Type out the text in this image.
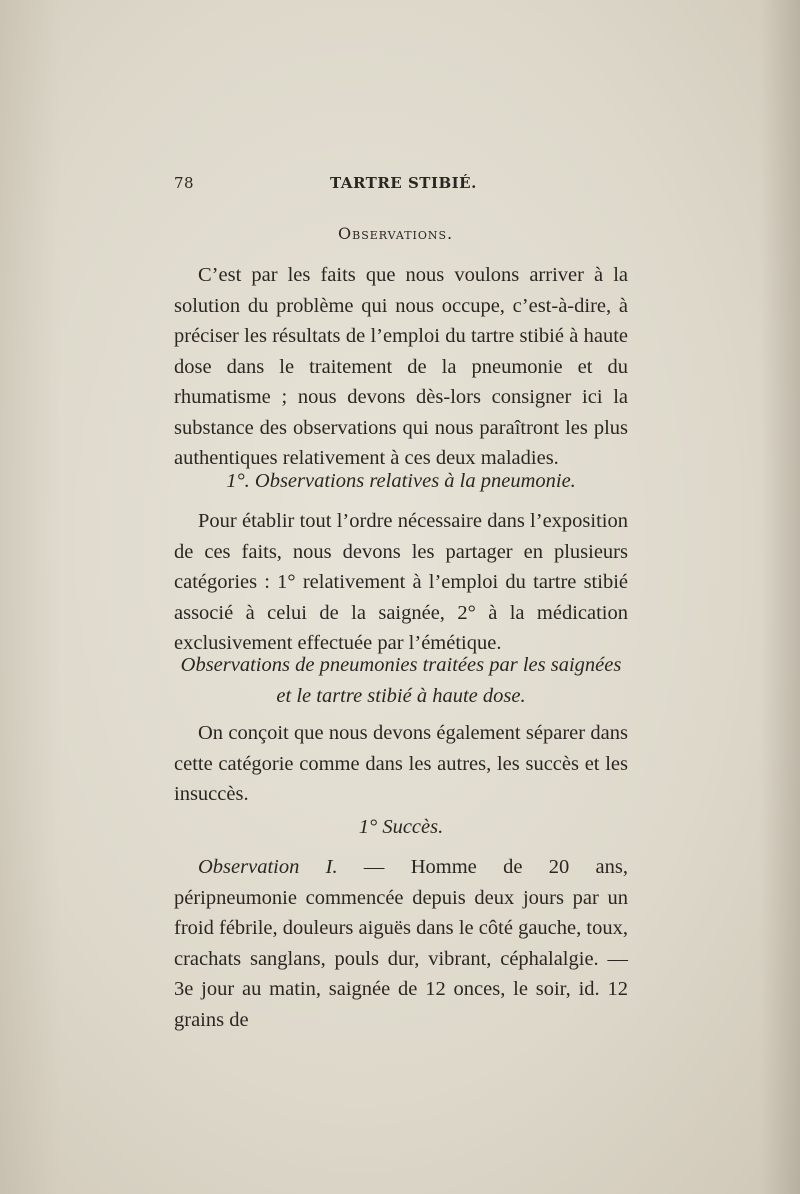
78	TARTRE STIBIÉ.
Observations.

C’est par les faits que nous voulons arriver à la solution du problème qui nous occupe, c’est-à-dire, à préciser les résultats de l’emploi du tartre stibié à haute dose dans le traitement de la pneumonie et du rhumatisme ; nous devons dès-lors consigner ici la substance des observations qui nous paraîtront les plus authentiques relativement à ces deux maladies.

1°. Observations relatives à la pneumonie.

Pour établir tout l’ordre nécessaire dans l’exposition de ces faits, nous devons les partager en plusieurs catégories : 1° relativement à l’emploi du tartre stibié associé à celui de la saignée, 2° à la médication exclusivement effectuée par l’émétique.

Observations de pneumonies traitées par les saignées
et le tartre stibié à haute dose.

On conçoit que nous devons également séparer dans cette catégorie comme dans les autres, les succès et les insuccès.

1° Succès.

Observation I. — Homme de 20 ans, péripneumonie commencée depuis deux jours par un froid fébrile, douleurs aiguës dans le côté gauche, toux, crachats sanglans, pouls dur, vibrant, céphalalgie. — 3e jour au matin, saignée de 12 onces, le soir, id. 12 grains de
